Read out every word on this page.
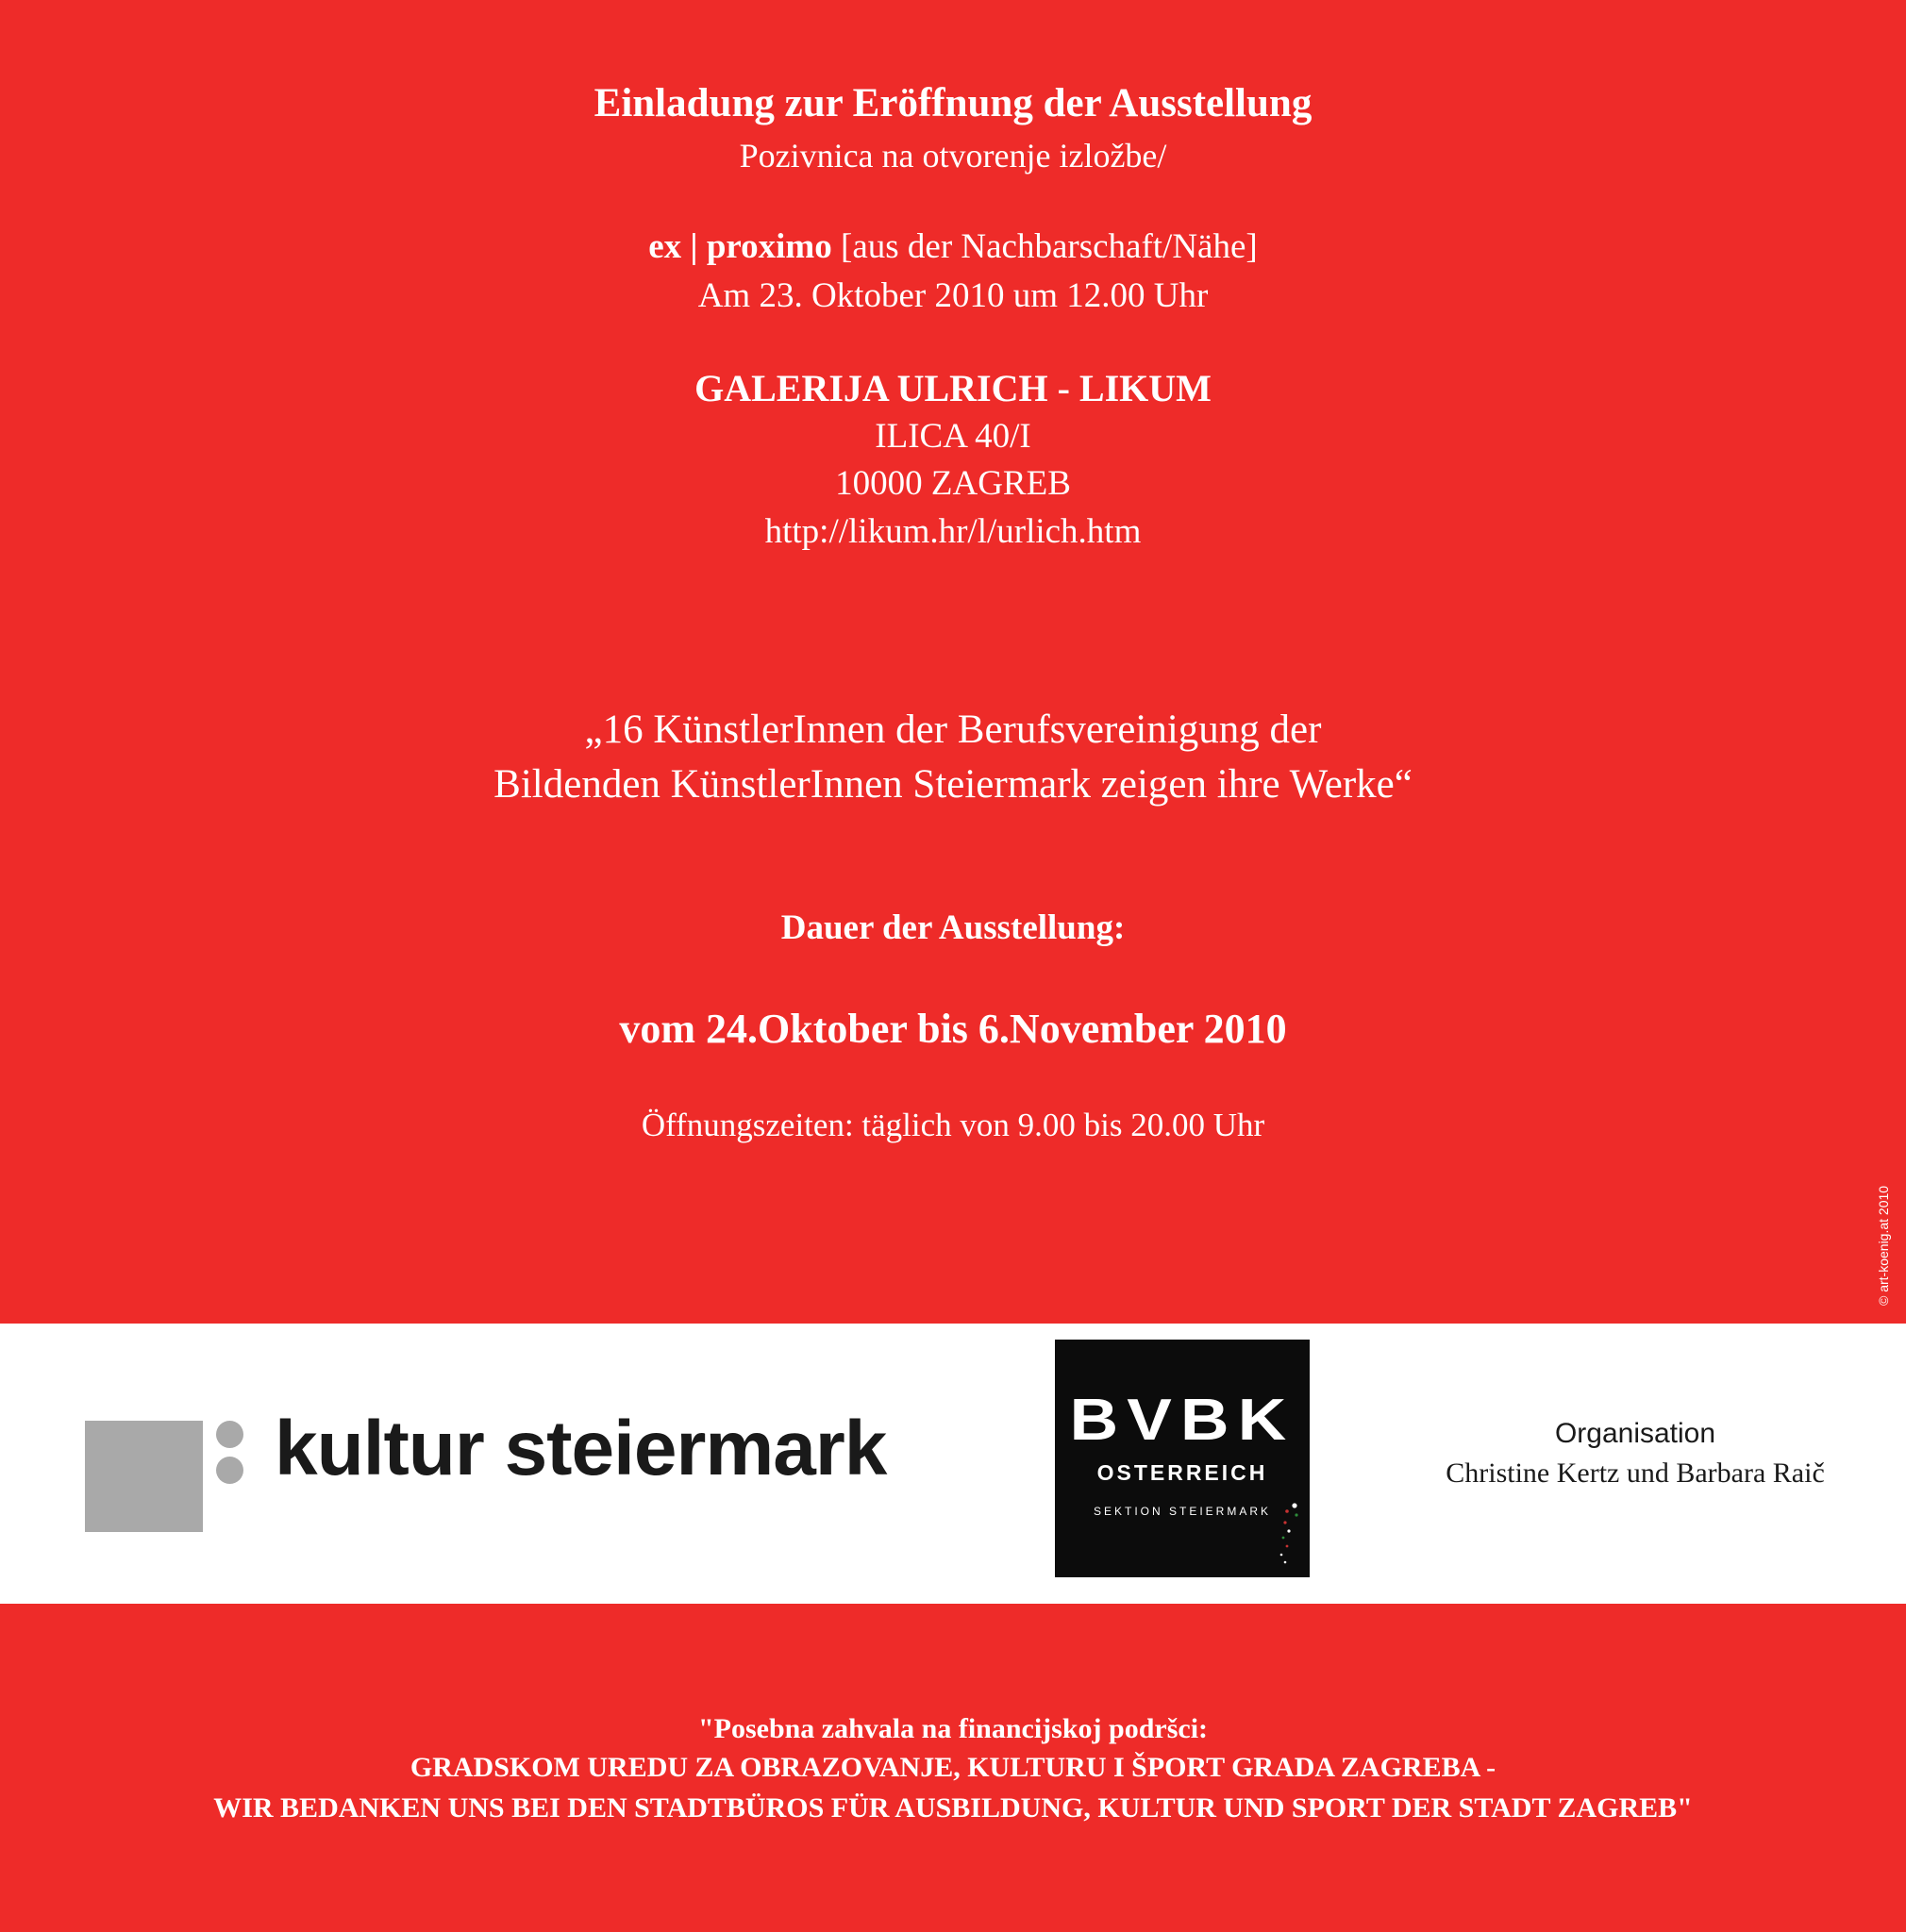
Einladung zur Eröffnung der Ausstellung
Pozivnica na otvorenje izložbe/
ex | proximo [aus der Nachbarschaft/Nähe]
Am 23. Oktober 2010 um 12.00 Uhr
GALERIJA ULRICH - LIKUM
ILICA 40/I
10000 ZAGREB
http://likum.hr/l/urlich.htm
„16 KünstlerInnen der Berufsvereinigung der
Bildenden KünstlerInnen Steiermark zeigen ihre Werke“
Dauer der Ausstellung:
vom 24.Oktober bis 6.November 2010
Öffnungszeiten: täglich von 9.00 bis 20.00 Uhr
© art-koenig.at 2010
kultur steiermark	BVBK
OSTERREICH
SEKTION STEIERMARK
Organisation
Christine Kertz und Barbara Raič
"Posebna zahvala na financijskoj podršci:
GRADSKOM UREDU ZA OBRAZOVANJE, KULTURU I ŠPORT GRADA ZAGREBA -
WIR BEDANKEN UNS BEI DEN STADTBÜROS FÜR AUSBILDUNG, KULTUR UND SPORT DER STADT ZAGREB"
